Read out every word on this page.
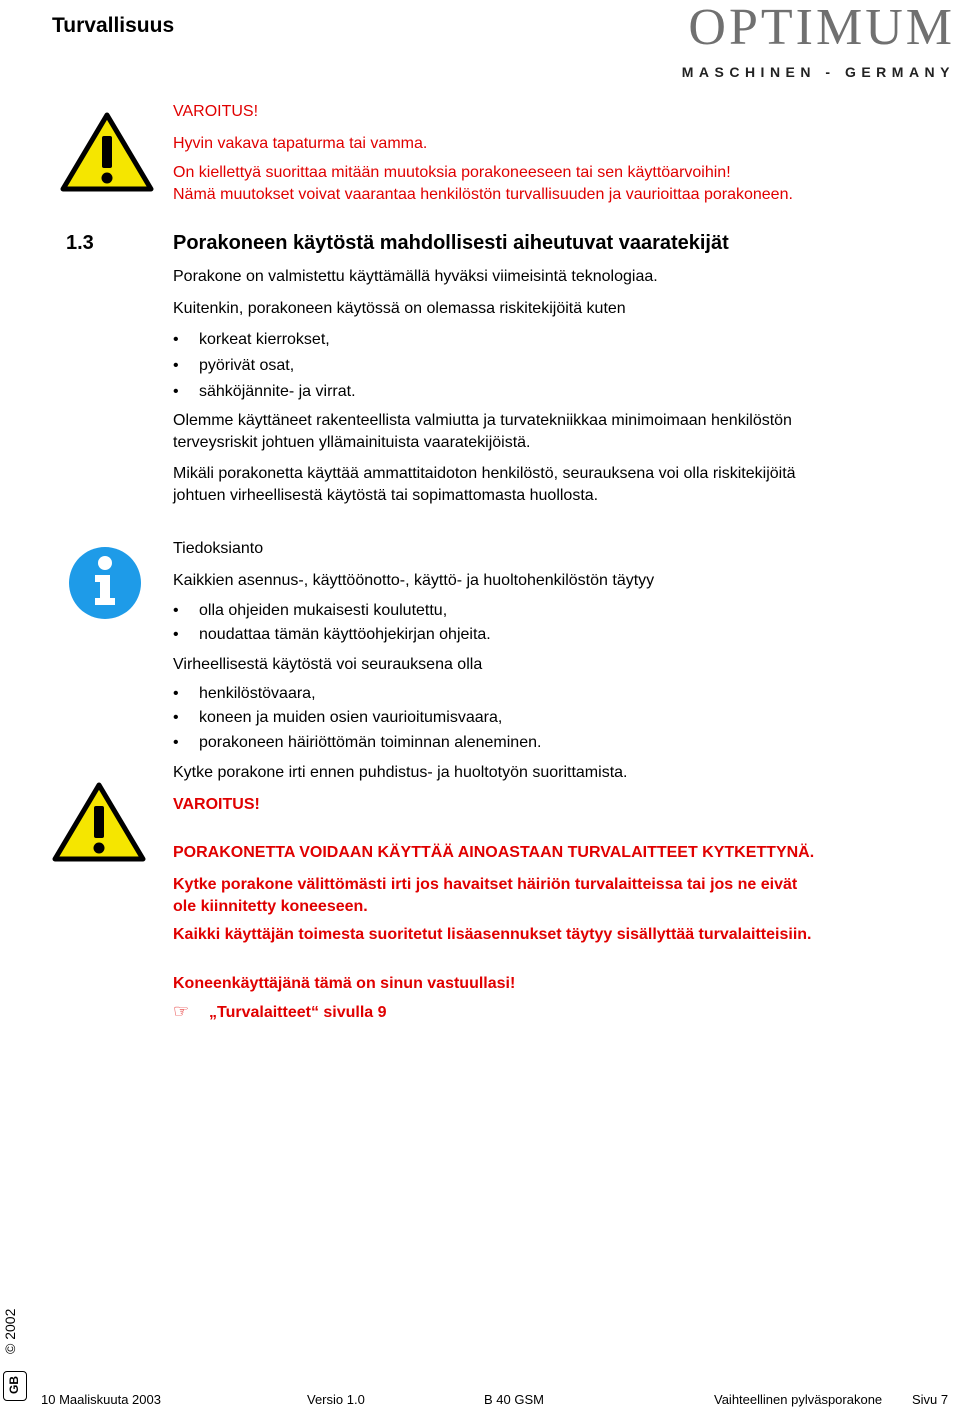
Turvallisuus	OPTIMUM
MASCHINEN - GERMANY
VAROITUS!
Hyvin vakava tapaturma tai vamma.
On kiellettyä suorittaa mitään muutoksia porakoneeseen tai sen käyttöarvoihin!
Nämä muutokset voivat vaarantaa henkilöstön turvallisuuden ja vaurioittaa porakoneen.
1.3	Porakoneen käytöstä mahdollisesti aiheutuvat vaaratekijät
Porakone on valmistettu käyttämällä hyväksi viimeisintä teknologiaa.
Kuitenkin, porakoneen käytössä on olemassa riskitekijöitä kuten
• korkeat kierrokset,
• pyörivät osat,
• sähköjännite- ja virrat.
Olemme käyttäneet rakenteellista valmiutta ja turvatekniikkaa minimoimaan henkilöstön
terveysriskit johtuen yllämainituista vaaratekijöistä.
Mikäli porakonetta käyttää ammattitaidoton henkilöstö, seurauksena voi olla riskitekijöitä
johtuen virheellisestä käytöstä tai sopimattomasta huollosta.
Tiedoksianto
Kaikkien asennus-, käyttöönotto-, käyttö- ja huoltohenkilöstön täytyy
• olla ohjeiden mukaisesti koulutettu,
• noudattaa tämän käyttöohjekirjan ohjeita.
Virheellisestä käytöstä voi seurauksena olla
• henkilöstövaara,
• koneen ja muiden osien vaurioitumisvaara,
• porakoneen häiriöttömän toiminnan aleneminen.
Kytke porakone irti ennen puhdistus- ja huoltotyön suorittamista.
VAROITUS!
PORAKONETTA VOIDAAN KÄYTTÄÄ AINOASTAAN TURVALAITTEET KYTKETTYNÄ.
Kytke porakone välittömästi irti jos havaitset häiriön turvalaitteissa tai jos ne eivät
ole kiinnitetty koneeseen.
Kaikki käyttäjän toimesta suoritetut lisäasennukset täytyy sisällyttää turvalaitteisiin.
Koneenkäyttäjänä tämä on sinun vastuullasi!
☞ „Turvalaitteet“ sivulla 9
© 2002
GB
10 Maaliskuuta 2003	Versio 1.0	B 40 GSM	Vaihteellinen pylväsporakone Sivu 7
